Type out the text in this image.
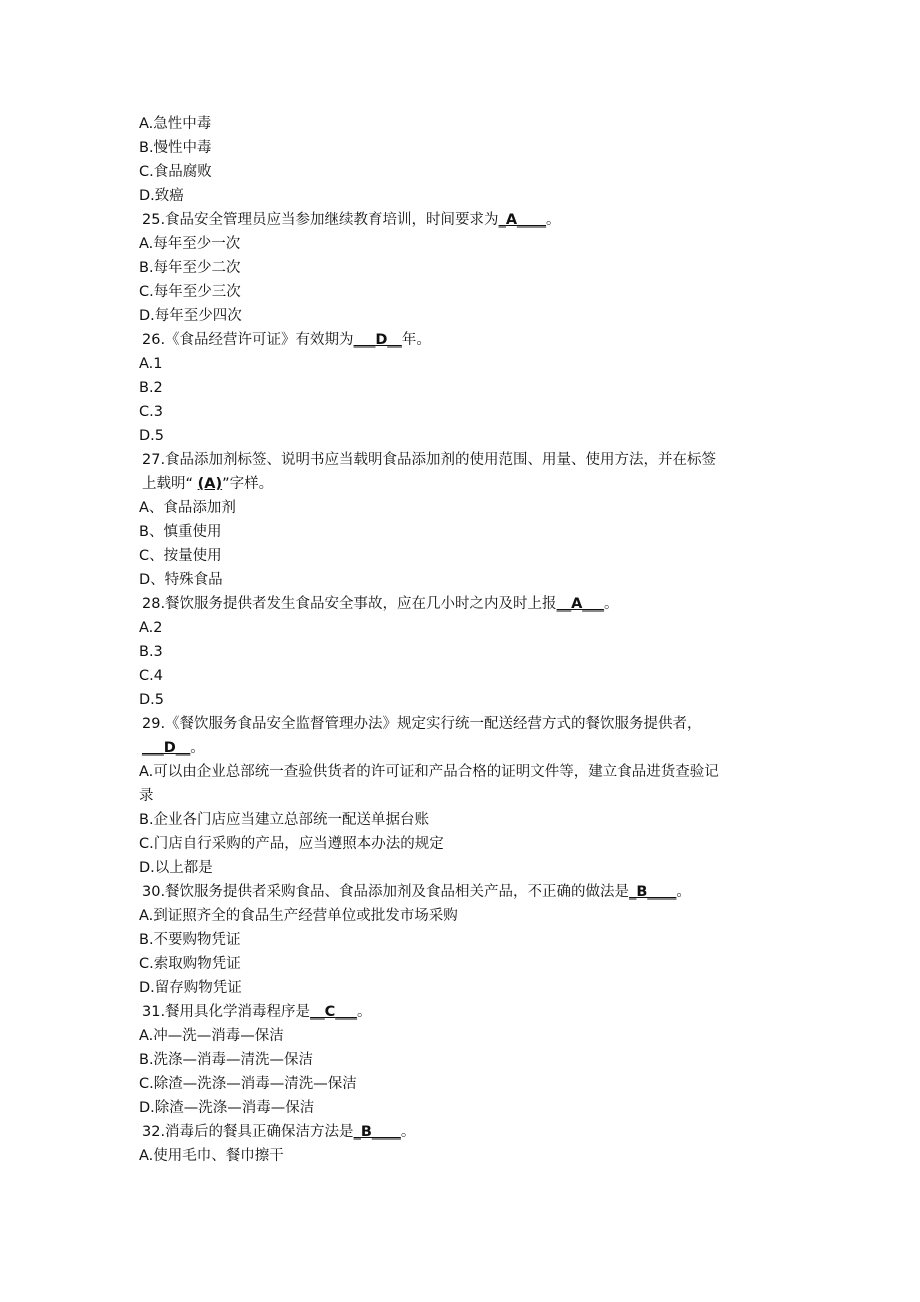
A.急性中毒
B.慢性中毒
C.食品腐败
D.致癌
25.食品安全管理员应当参加继续教育培训，时间要求为_A____。
A.每年至少一次
B.每年至少二次
C.每年至少三次
D.每年至少四次
26.《食品经营许可证》有效期为___D__年。
A.1
B.2
C.3
D.5
27.食品添加剂标签、说明书应当载明食品添加剂的使用范围、用量、使用方法，并在标签
上载明“ (A)”字样。
A、食品添加剂
B、慎重使用
C、按量使用
D、特殊食品
28.餐饮服务提供者发生食品安全事故，应在几小时之内及时上报__A___。
A.2
B.3
C.4
D.5
29.《餐饮服务食品安全监督管理办法》规定实行统一配送经营方式的餐饮服务提供者，
___D__。
A.可以由企业总部统一查验供货者的许可证和产品合格的证明文件等，建立食品进货查验记
录
B.企业各门店应当建立总部统一配送单据台账
C.门店自行采购的产品，应当遵照本办法的规定
D.以上都是
30.餐饮服务提供者采购食品、食品添加剂及食品相关产品，不正确的做法是_B____。
A.到证照齐全的食品生产经营单位或批发市场采购
B.不要购物凭证
C.索取购物凭证
D.留存购物凭证
31.餐用具化学消毒程序是__C___。
A.冲—洗—消毒—保洁
B.洗涤—消毒—清洗—保洁
C.除渣—洗涤—消毒—清洗—保洁
D.除渣—洗涤—消毒—保洁
32.消毒后的餐具正确保洁方法是_B____。
A.使用毛巾、餐巾擦干
